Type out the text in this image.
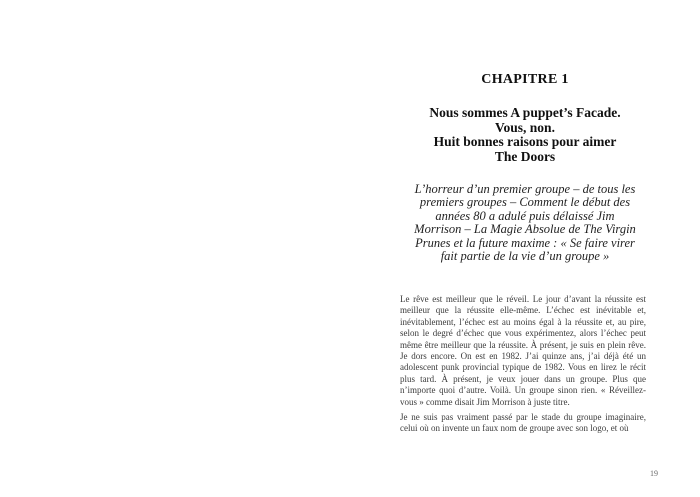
CHAPITRE 1
Nous sommes A puppet’s Facade.
Vous, non.
Huit bonnes raisons pour aimer
The Doors
L’horreur d’un premier groupe – de tous les premiers groupes – Comment le début des années 80 a adulé puis délaissé Jim Morrison – La Magie Absolue de The Virgin Prunes et la future maxime : « Se faire virer fait partie de la vie d’un groupe »

Le rêve est meilleur que le réveil. Le jour d’avant la réussite est meilleur que la réussite elle-même. L’échec est inévitable et, inévitablement, l’échec est au moins égal à la réussite et, au pire, selon le degré d’échec que vous expérimentez, alors l’échec peut même être meilleur que la réussite. À présent, je suis en plein rêve. Je dors encore. On est en 1982. J’ai quinze ans, j’ai déjà été un adolescent punk provincial typique de 1982. Vous en lirez le récit plus tard. À présent, je veux jouer dans un groupe. Plus que n’importe quoi d’autre. Voilà. Un groupe sinon rien. « Réveillez-vous » comme disait Jim Morrison à juste titre.

Je ne suis pas vraiment passé par le stade du groupe imaginaire, celui où on invente un faux nom de groupe avec son logo, et où

19
